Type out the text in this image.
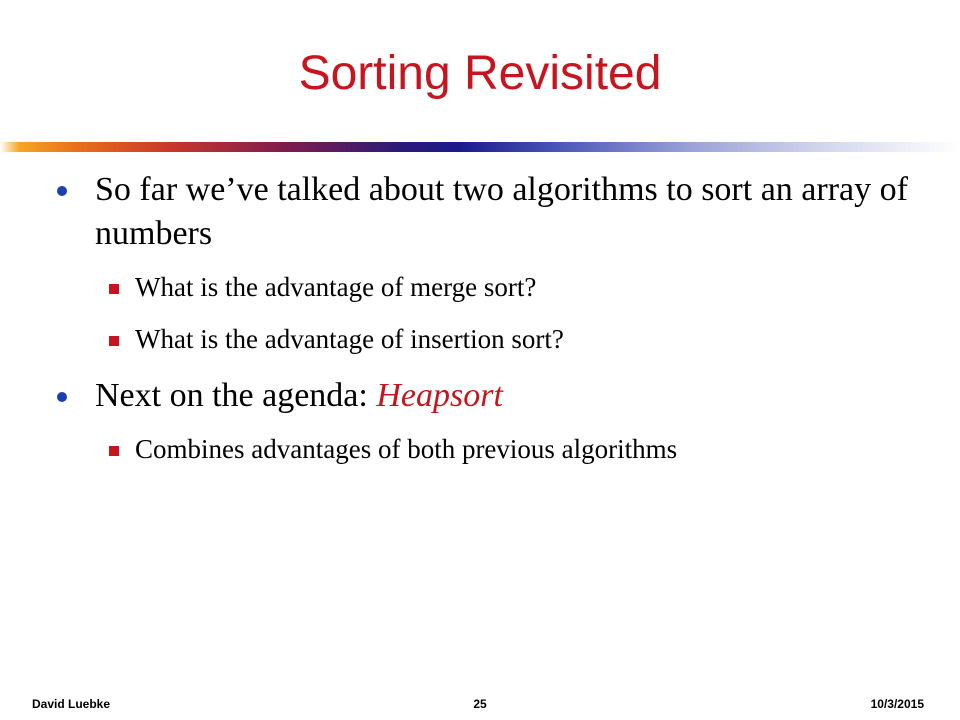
Sorting Revisited
So far we’ve talked about two algorithms to sort an array of numbers
What is the advantage of merge sort?
What is the advantage of insertion sort?
Next on the agenda: Heapsort
Combines advantages of both previous algorithms
David Luebke	25	10/3/2015
